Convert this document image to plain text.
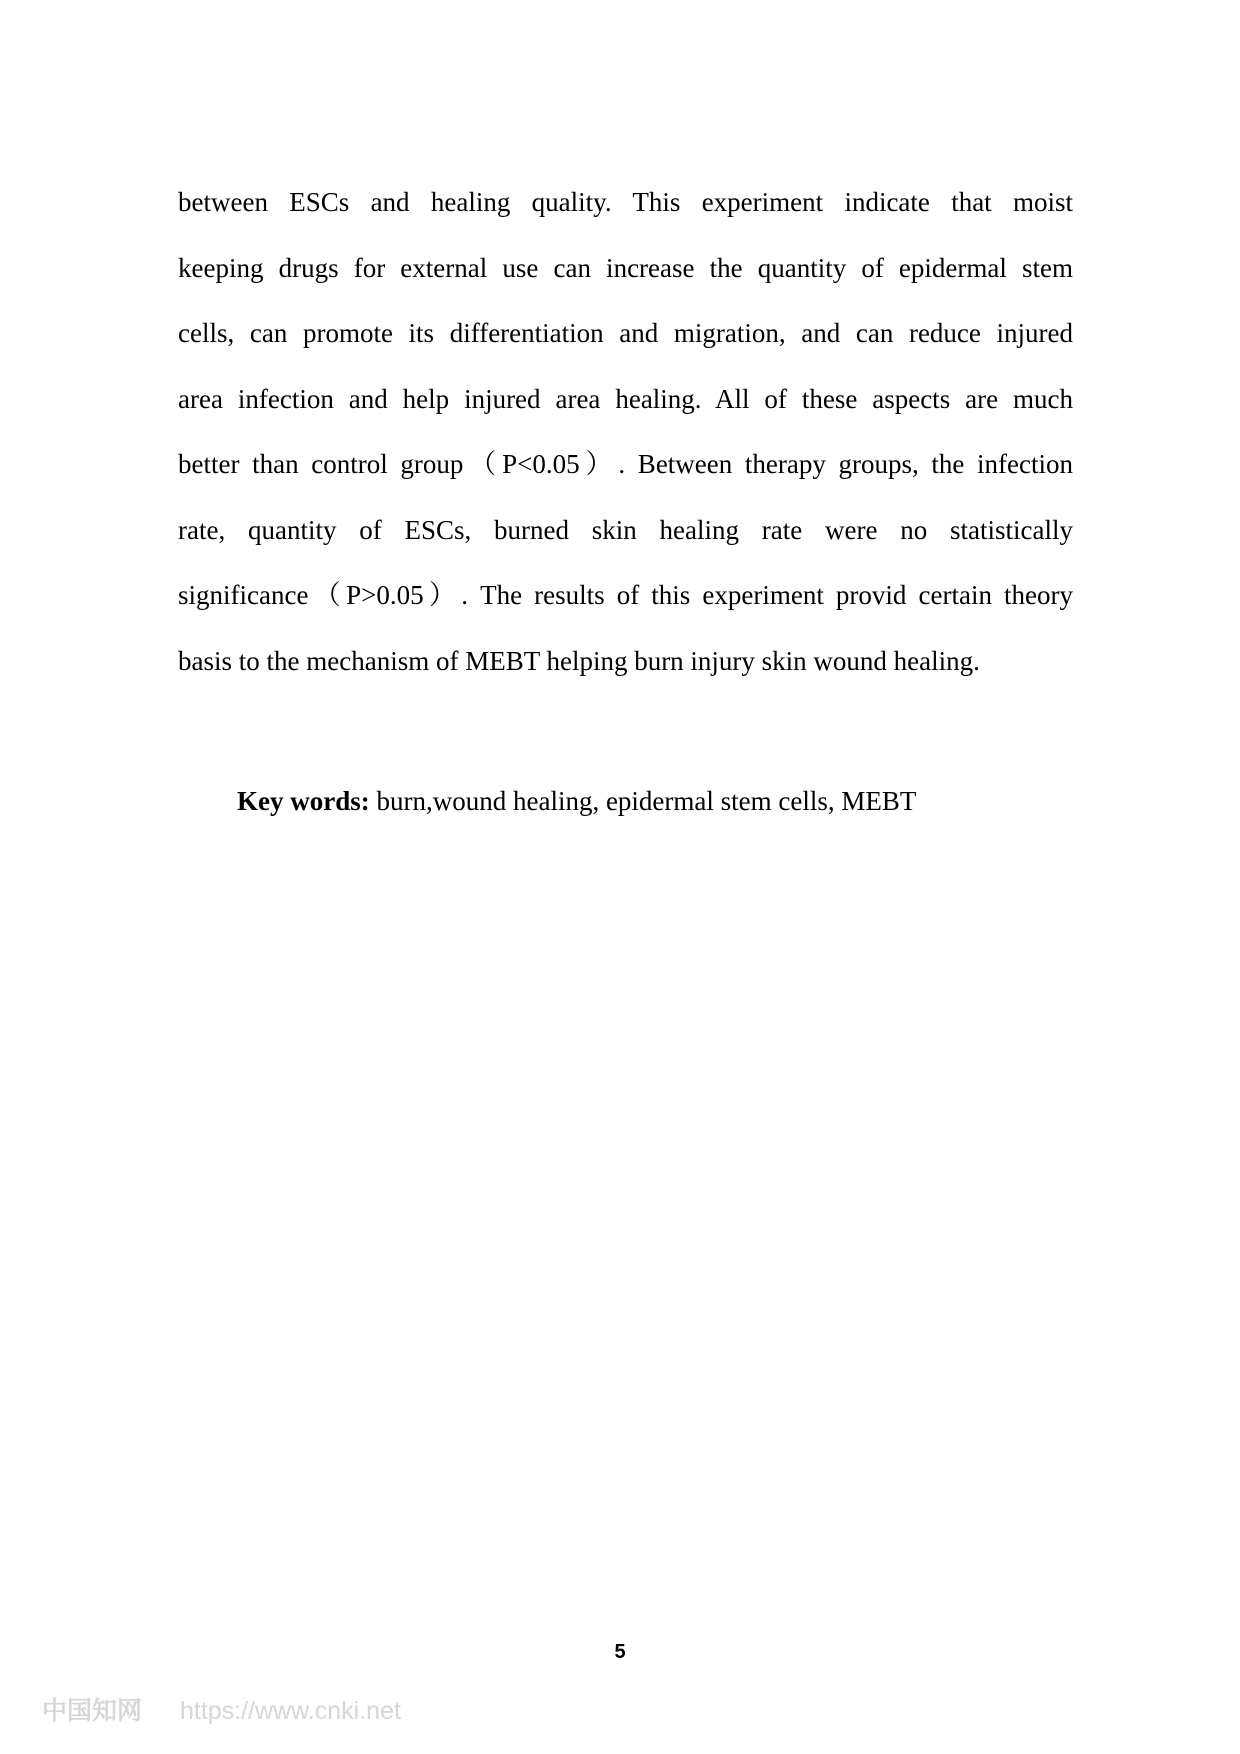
between ESCs and healing quality. This experiment indicate that moist
keeping drugs for external use can increase the quantity of epidermal stem
cells, can promote its differentiation and migration, and can reduce injured
area infection and help injured area healing. All of these aspects are much
better than control group（P<0.05）. Between therapy groups, the infection
rate, quantity of ESCs, burned skin healing rate were no statistically
significance（P>0.05）. The results of this experiment provid certain theory
basis to the mechanism of MEBT helping burn injury skin wound healing.
Key words: burn,wound healing, epidermal stem cells, MEBT
5
中国知网 https://www.cnki.net
